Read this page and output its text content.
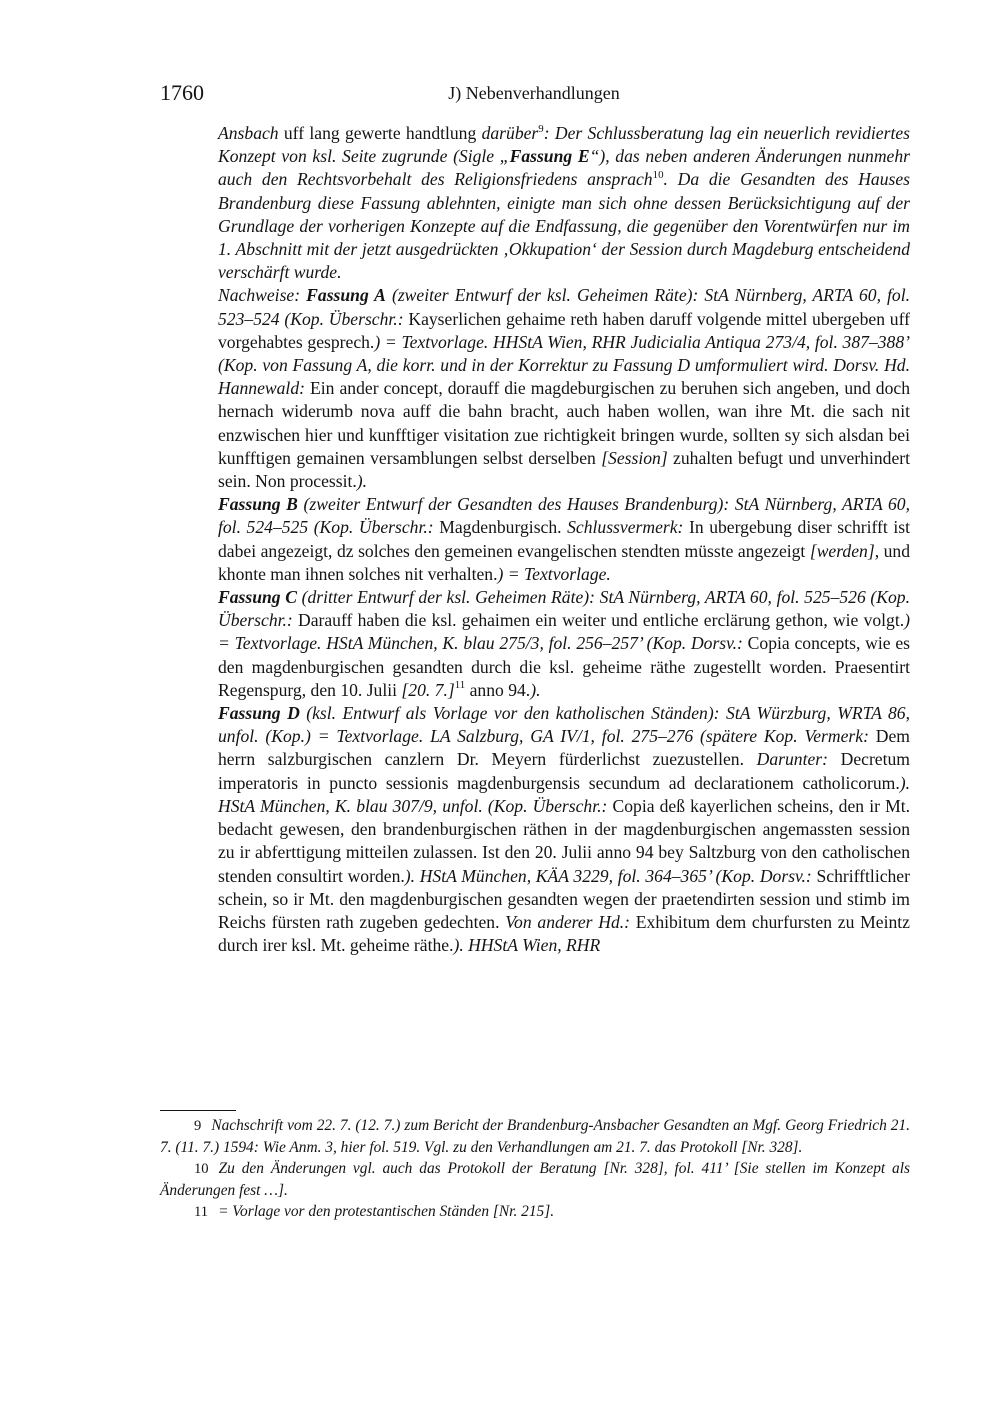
1760	J) Nebenverhandlungen

Ansbach uff lang gewerte handtlung darüber$^9$: Der Schlussberatung lag ein neuerlich revidiertes Konzept von ksl. Seite zugrunde (Sigle „Fassung E“), das neben anderen Änderungen nunmehr auch den Rechtsvorbehalt des Religionsfriedens ansprach$^{10}$. Da die Gesandten des Hauses Brandenburg diese Fassung ablehnten, einigte man sich ohne dessen Berücksichtigung auf der Grundlage der vorherigen Konzepte auf die Endfassung, die gegenüber den Vorentwürfen nur im 1. Abschnitt mit der jetzt ausgedrückten ‚Okkupation‘ der Session durch Magdeburg entscheidend verschärft wurde.

Nachweise: Fassung A (zweiter Entwurf der ksl. Geheimen Räte): StA Nürnberg, ARTA 60, fol. 523–524 (Kop. Überschr.: Kayserlichen gehaime reth haben daruff volgende mittel ubergeben uff vorgehabtes gesprech.) = Textvorlage. HHStA Wien, RHR Judicialia Antiqua 273/4, fol. 387–388’ (Kop. von Fassung A, die korr. und in der Korrektur zu Fassung D umformuliert wird. Dorsv. Hd. Hannewald: Ein ander concept, dorauff die magdeburgischen zu beruhen sich angeben, und doch hernach widerumb nova auff die bahn bracht, auch haben wollen, wan ihre Mt. die sach nit enzwischen hier und kunfftiger visitation zue richtigkeit bringen wurde, sollten sy sich alsdan bei kunfftigen gemainen versamblungen selbst derselben [Session] zuhalten befugt und unverhindert sein. Non processit.).

Fassung B (zweiter Entwurf der Gesandten des Hauses Brandenburg): StA Nürnberg, ARTA 60, fol. 524–525 (Kop. Überschr.: Magdenburgisch. Schlussvermerk: In ubergebung diser schrifft ist dabei angezeigt, dz solches den gemeinen evangelischen stendten müsste angezeigt [werden], und khonte man ihnen solches nit verhalten.) = Textvorlage.

Fassung C (dritter Entwurf der ksl. Geheimen Räte): StA Nürnberg, ARTA 60, fol. 525–526 (Kop. Überschr.: Darauff haben die ksl. gehaimen ein weiter und entliche erclärung gethon, wie volgt.) = Textvorlage. HStA München, K. blau 275/3, fol. 256–257’ (Kop. Dorsv.: Copia concepts, wie es den magdenburgischen gesandten durch die ksl. geheime räthe zugestellt worden. Praesentirt Regenspurg, den 10. Julii [20. 7.]$^{11}$ anno 94.).

Fassung D (ksl. Entwurf als Vorlage vor den katholischen Ständen): StA Würzburg, WRTA 86, unfol. (Kop.) = Textvorlage. LA Salzburg, GA IV/1, fol. 275–276 (spätere Kop. Vermerk: Dem herrn salzburgischen canzlern Dr. Meyern fürderlichst zuezustellen. Darunter: Decretum imperatoris in puncto sessionis magdenburgensis secundum ad declarationem catholicorum.). HStA München, K. blau 307/9, unfol. (Kop. Überschr.: Copia deß kayerlichen scheins, den ir Mt. bedacht gewesen, den brandenburgischen räthen in der magdenburgischen angemassten session zu ir abferttigung mitteilen zulassen. Ist den 20. Julii anno 94 bey Saltzburg von den catholischen stenden consultirt worden.). HStA München, KÄA 3229, fol. 364–365’ (Kop. Dorsv.: Schrifftlicher schein, so ir Mt. den magdenburgischen gesandten wegen der praetendirten session und stimb im Reichs fürsten rath zugeben gedechten. Von anderer Hd.: Exhibitum dem churfursten zu Meintz durch irer ksl. Mt. geheime räthe.). HHStA Wien, RHR

9 Nachschrift vom 22. 7. (12. 7.) zum Bericht der Brandenburg-Ansbacher Gesandten an Mgf. Georg Friedrich 21. 7. (11. 7.) 1594: Wie Anm. 3, hier fol. 519. Vgl. zu den Verhandlungen am 21. 7. das Protokoll [Nr. 328].

10 Zu den Änderungen vgl. auch das Protokoll der Beratung [Nr. 328], fol. 411’ [Sie stellen im Konzept als Änderungen fest …].

11 = Vorlage vor den protestantischen Ständen [Nr. 215].
